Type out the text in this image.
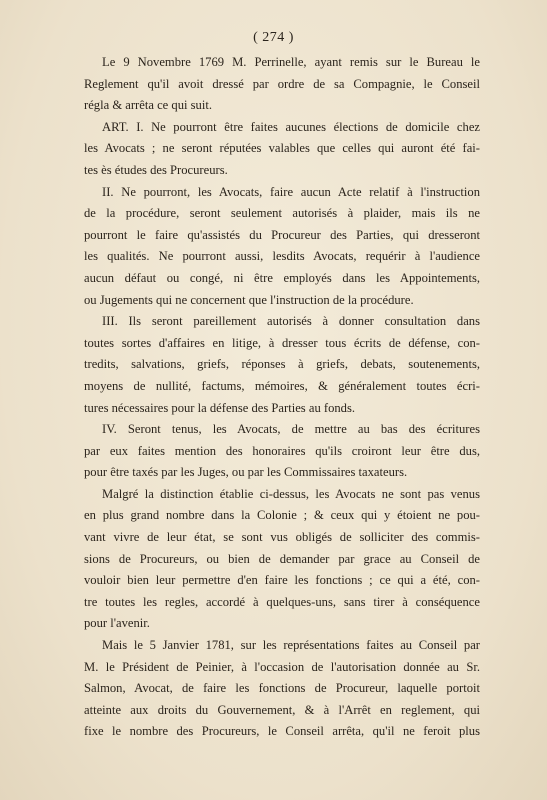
( 274 )
Le 9 Novembre 1769 M. Perrinelle, ayant remis sur le Bureau le
Reglement qu'il avoit dressé par ordre de sa Compagnie, le Conseil
régla & arrêta ce qui suit.
ART. I. Ne pourront être faites aucunes élections de domicile chez
les Avocats ; ne seront réputées valables que celles qui auront été fai-
tes ès études des Procureurs.
II. Ne pourront, les Avocats, faire aucun Acte relatif à l'instruction
de la procédure, seront seulement autorisés à plaider, mais ils ne
pourront le faire qu'assistés du Procureur des Parties, qui dresseront
les qualités. Ne pourront aussi, lesdits Avocats, requérir à l'audience
aucun défaut ou congé, ni être employés dans les Appointements,
ou Jugements qui ne concernent que l'instruction de la procédure.
III. Ils seront pareillement autorisés à donner consultation dans
toutes sortes d'affaires en litige, à dresser tous écrits de défense, con-
tredits, salvations, griefs, réponses à griefs, debats, soutenements,
moyens de nullité, factums, mémoires, & généralement toutes écri-
tures nécessaires pour la défense des Parties au fonds.
IV. Seront tenus, les Avocats, de mettre au bas des écritures
par eux faites mention des honoraires qu'ils croiront leur être dus,
pour être taxés par les Juges, ou par les Commissaires taxateurs.
Malgré la distinction établie ci-dessus, les Avocats ne sont pas venus
en plus grand nombre dans la Colonie ; & ceux qui y étoient ne pou-
vant vivre de leur état, se sont vus obligés de solliciter des commis-
sions de Procureurs, ou bien de demander par grace au Conseil de
vouloir bien leur permettre d'en faire les fonctions ; ce qui a été, con-
tre toutes les regles, accordé à quelques-uns, sans tirer à conséquence
pour l'avenir.
Mais le 5 Janvier 1781, sur les représentations faites au Conseil par
M. le Président de Peinier, à l'occasion de l'autorisation donnée au Sr.
Salmon, Avocat, de faire les fonctions de Procureur, laquelle portoit
atteinte aux droits du Gouvernement, & à l'Arrêt en reglement, qui
fixe le nombre des Procureurs, le Conseil arrêta, qu'il ne feroit plus
